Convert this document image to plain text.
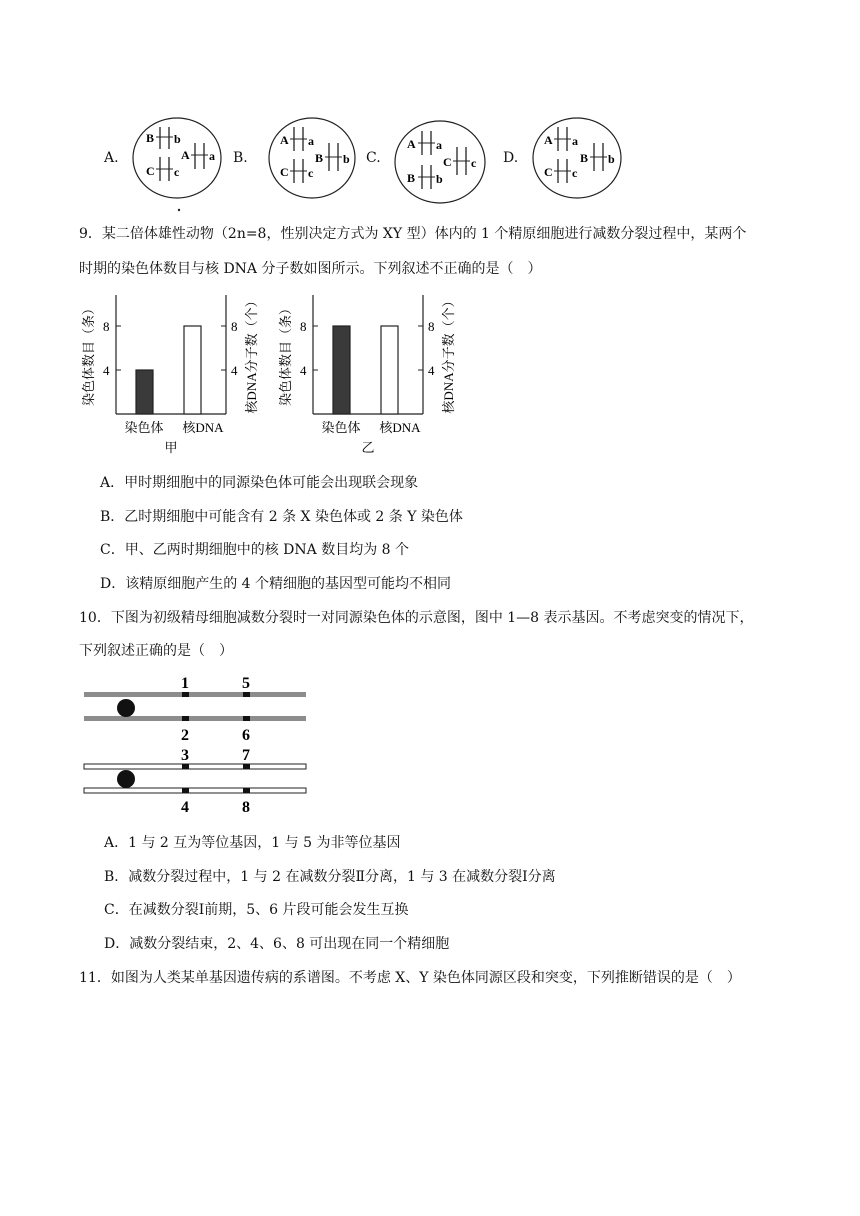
A.
B b
A a
C c
B.
A a
B b
C c
C.
A a
C c
B b
D.
A a
B b
C c
9．某二倍体雄性动物（2n=8，性别决定方式为 XY 型）体内的 1 个精原细胞进行减数分裂过程中，某两个
时期的染色体数目与核 DNA 分子数如图所示。下列叙述不正确的是（　）
8
4
8
4
染色体数目（条）	核DNA分子数（个）
染色体 核DNA
甲
8
4
8
4
染色体数目（条）	核DNA分子数（个）
染色体 核DNA
乙
A．甲时期细胞中的同源染色体可能会出现联会现象
B．乙时期细胞中可能含有 2 条 X 染色体或 2 条 Y 染色体
C．甲、乙两时期细胞中的核 DNA 数目均为 8 个
D．该精原细胞产生的 4 个精细胞的基因型可能均不相同
10．下图为初级精母细胞减数分裂时一对同源染色体的示意图，图中 1—8 表示基因。不考虑突变的情况下，
下列叙述正确的是（　）
1	5
2	6
3	7
4	8
A．1 与 2 互为等位基因，1 与 5 为非等位基因
B．减数分裂过程中，1 与 2 在减数分裂Ⅱ分离，1 与 3 在减数分裂Ⅰ分离
C．在减数分裂Ⅰ前期，5、6 片段可能会发生互换
D．减数分裂结束，2、4、6、8 可出现在同一个精细胞
11．如图为人类某单基因遗传病的系谱图。不考虑 X、Y 染色体同源区段和突变，下列推断错误的是（　）
